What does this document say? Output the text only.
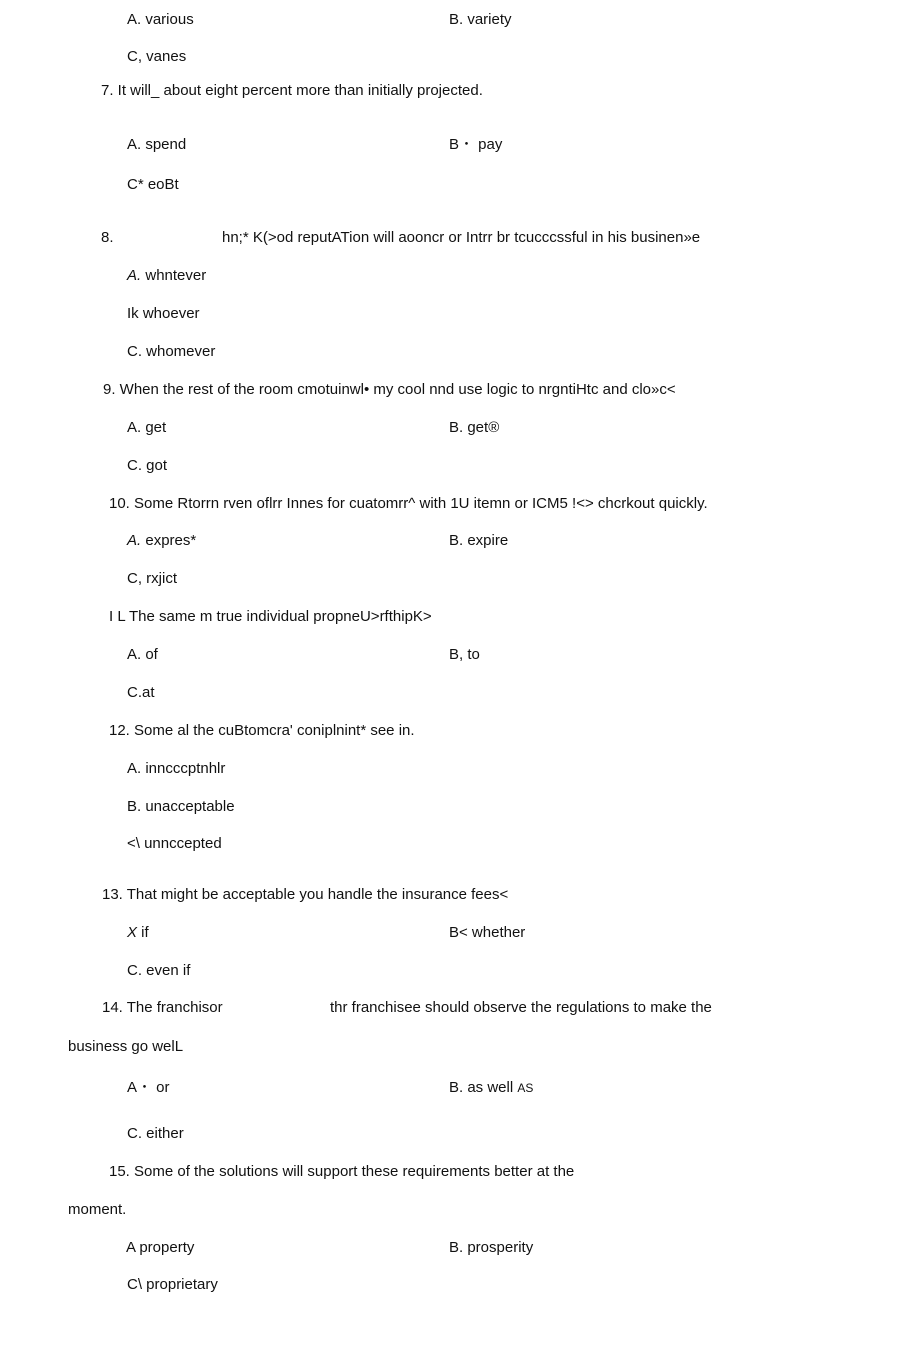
A. various	B. variety
C, vanes
7. It will_ about eight percent more than initially projected.
A. spend	B・ pay
C* eoBt
8.	hn;* K(>od reputATion will aooncr or Intrr br tcucccssful in his businen»e
A. whntever
Ik whoever
C. whomever
9. When the rest of the room cmotuinwl• my cool nnd use logic to nrgntiHtc and clo»c<
A. get	B. get®
C. got
10. Some Rtorrn rven oflrr Innes for cuatomrr^ with 1U itemn or ICM5 !<> chcrkout quickly.
A. expres*	B. expire
C, rxjict
I L The same m true individual propneU>rfthipK>
A. of	B, to
C.at
12. Some al the cuBtomcra' coniplnint* see in.
A. inncccptnhlr
B. unacceptable
<\ unnccepted
13. That might be acceptable you handle the insurance fees<
X if	B< whether
C. even if
14. The franchisor	thr franchisee should observe the regulations to make the
business go welL
A・ or	B. as well AS
C. either
15. Some of the solutions will support these requirements better at the
moment.
A property	B. prosperity
C\ proprietary
